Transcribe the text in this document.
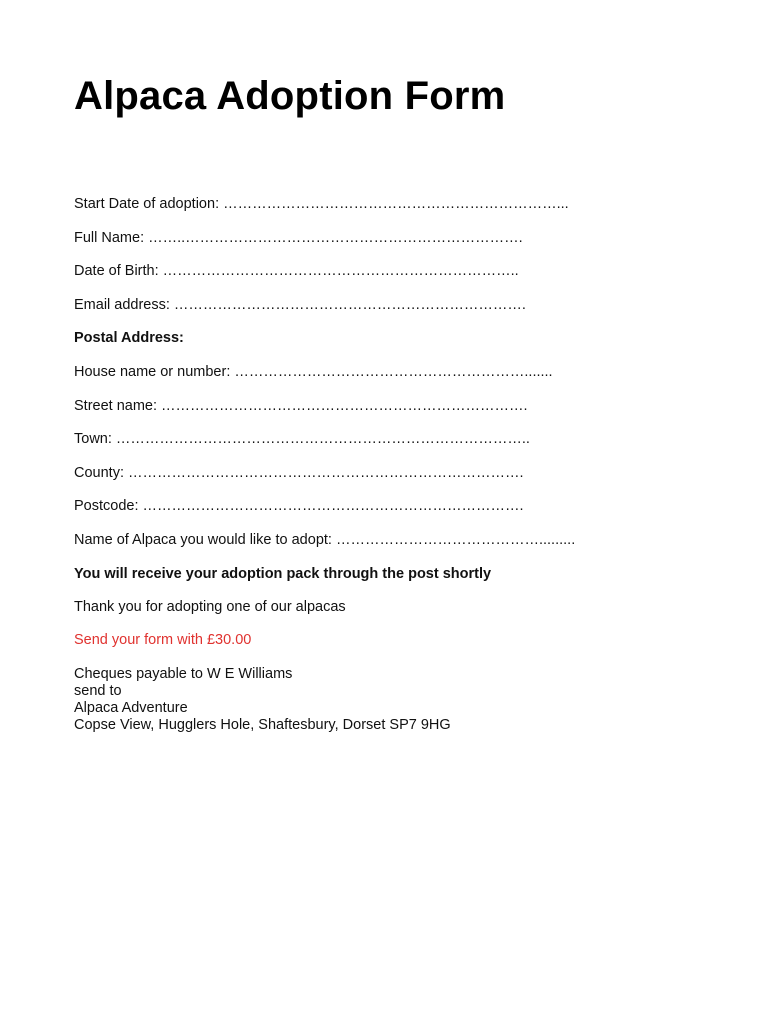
Alpaca Adoption Form
Start Date of adoption: ……………………………………………………………...
Full Name: ……..…………………………………………………………….
Date of Birth: ………………………………………………………………..
Email address: ……………………………………………………………….
Postal Address:
House name or number: …………………………………………………….......
Street name: ………………………………………………………………….
Town: …………………………………………………………………………..
County: ……………………………………………………………………….
Postcode: …………………………………………………………………….
Name of Alpaca you would like to adopt: …………………………………….........
You will receive your adoption pack through the post shortly
Thank you for adopting one of our alpacas
Send your form with £30.00
Cheques payable to W E Williams
send to
Alpaca Adventure
Copse View, Hugglers Hole, Shaftesbury, Dorset SP7 9HG
